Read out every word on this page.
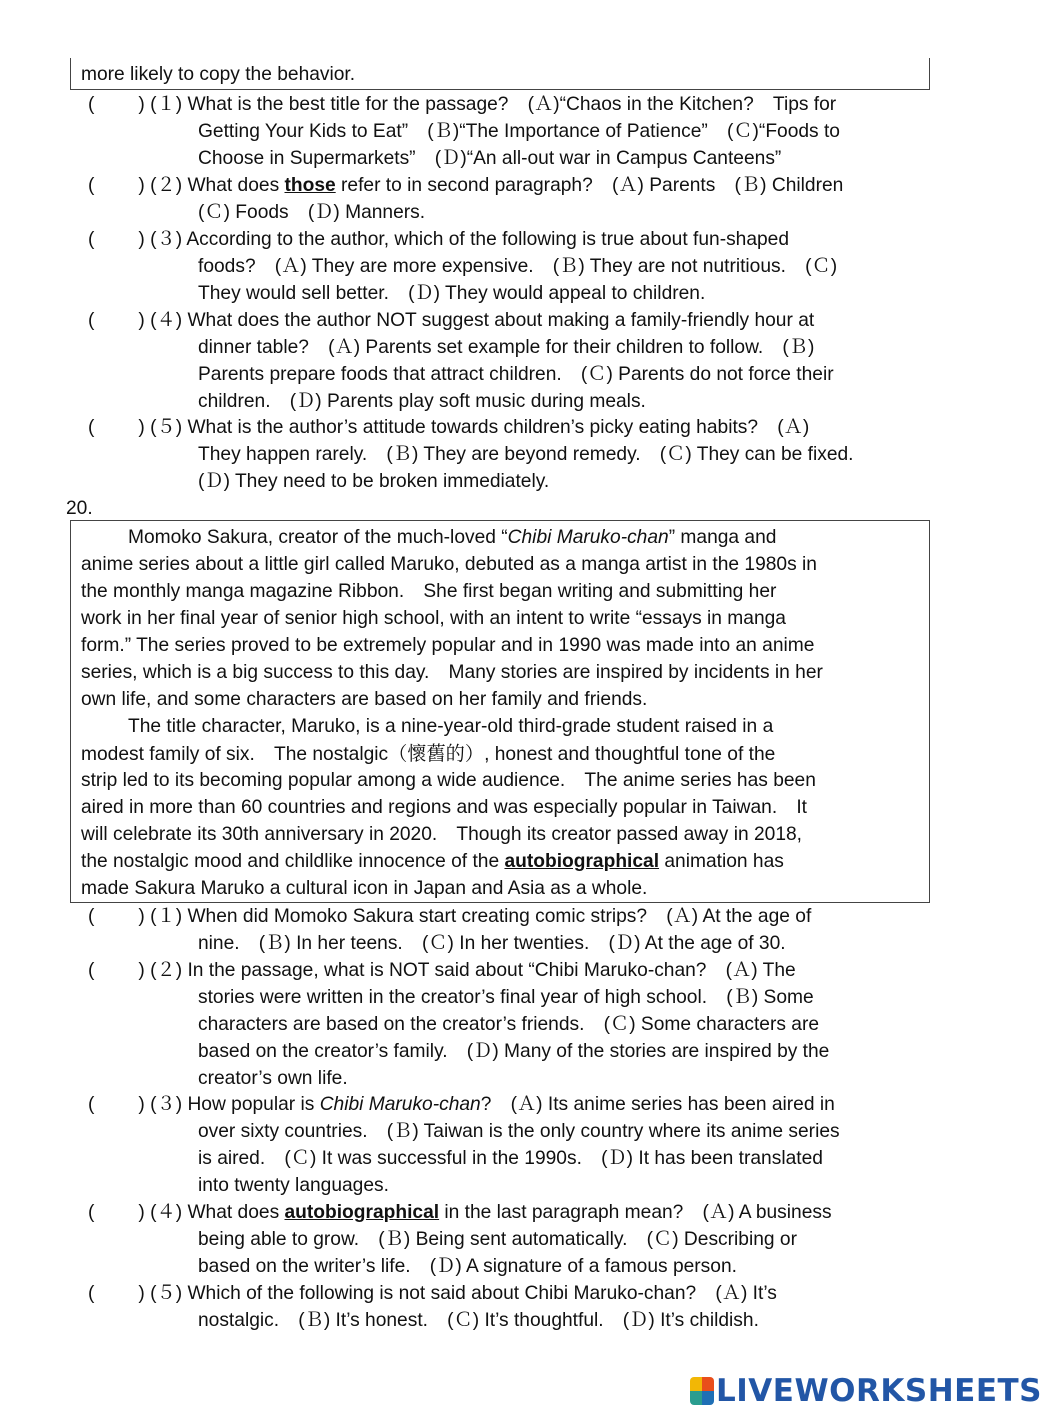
more likely to copy the behavior.
( ) (１) What is the best title for the passage?　(Ａ)“Chaos in the Kitchen?　Tips for
Getting Your Kids to Eat”　(Ｂ)“The Importance of Patience”　(Ｃ)“Foods to
Choose in Supermarkets”　(Ｄ)“An all-out war in Campus Canteens”
( ) (２) What does those refer to in second paragraph?　(Ａ) Parents　(Ｂ) Children
(Ｃ) Foods　(Ｄ) Manners.
( ) (３) According to the author, which of the following is true about fun-shaped
foods?　(Ａ) They are more expensive.　(Ｂ) They are not nutritious.　(Ｃ)
They would sell better.　(Ｄ) They would appeal to children.
( ) (４) What does the author NOT suggest about making a family-friendly hour at
dinner table?　(Ａ) Parents set example for their children to follow.　(Ｂ)
Parents prepare foods that attract children.　(Ｃ) Parents do not force their
children.　(Ｄ) Parents play soft music during meals.
( ) (５) What is the author’s attitude towards children’s picky eating habits?　(Ａ)
They happen rarely.　(Ｂ) They are beyond remedy.　(Ｃ) They can be fixed.
(Ｄ) They need to be broken immediately.
20.
Momoko Sakura, creator of the much-loved “Chibi Maruko-chan” manga and
anime series about a little girl called Maruko, debuted as a manga artist in the 1980s in
the monthly manga magazine Ribbon.　She first began writing and submitting her
work in her final year of senior high school, with an intent to write “essays in manga
form.” The series proved to be extremely popular and in 1990 was made into an anime
series, which is a big success to this day.　Many stories are inspired by incidents in her
own life, and some characters are based on her family and friends.
The title character, Maruko, is a nine-year-old third-grade student raised in a
modest family of six.　The nostalgic（懷舊的）, honest and thoughtful tone of the
strip led to its becoming popular among a wide audience.　The anime series has been
aired in more than 60 countries and regions and was especially popular in Taiwan.　It
will celebrate its 30th anniversary in 2020.　Though its creator passed away in 2018,
the nostalgic mood and childlike innocence of the autobiographical animation has
made Sakura Maruko a cultural icon in Japan and Asia as a whole.
( ) (１) When did Momoko Sakura start creating comic strips?　(Ａ) At the age of
nine.　(Ｂ) In her teens.　(Ｃ) In her twenties.　(Ｄ) At the age of 30.
( ) (２) In the passage, what is NOT said about “Chibi Maruko-chan?　(Ａ) The
stories were written in the creator’s final year of high school.　(Ｂ) Some
characters are based on the creator’s friends.　(Ｃ) Some characters are
based on the creator’s family.　(Ｄ) Many of the stories are inspired by the
creator’s own life.
( ) (３) How popular is Chibi Maruko-chan?　(Ａ) Its anime series has been aired in
over sixty countries.　(Ｂ) Taiwan is the only country where its anime series
is aired.　(Ｃ) It was successful in the 1990s.　(Ｄ) It has been translated
into twenty languages.
( ) (４) What does autobiographical in the last paragraph mean?　(Ａ) A business
being able to grow.　(Ｂ) Being sent automatically.　(Ｃ) Describing or
based on the writer’s life.　(Ｄ) A signature of a famous person.
( ) (５) Which of the following is not said about Chibi Maruko-chan?　(Ａ) It’s
nostalgic.　(Ｂ) It’s honest.　(Ｃ) It’s thoughtful.　(Ｄ) It’s childish.
LIVEWORKSHEETS
